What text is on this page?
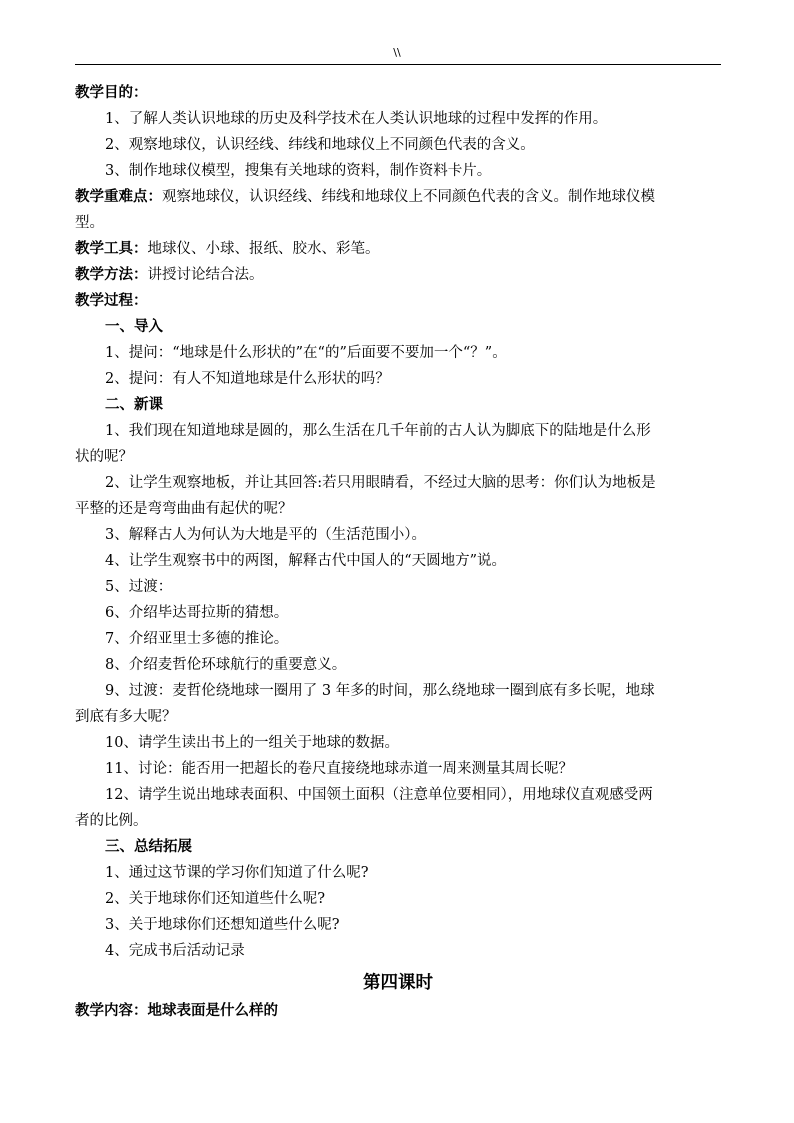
\\
教学目的：
1、了解人类认识地球的历史及科学技术在人类认识地球的过程中发挥的作用。
2、观察地球仪，认识经线、纬线和地球仪上不同颜色代表的含义。
3、制作地球仪模型，搜集有关地球的资料，制作资料卡片。
教学重难点：观察地球仪，认识经线、纬线和地球仪上不同颜色代表的含义。制作地球仪模
型。
教学工具：地球仪、小球、报纸、胶水、彩笔。
教学方法：讲授讨论结合法。
教学过程：
一、导入
1、提问：“地球是什么形状的”在“的”后面要不要加一个“？”。
2、提问：有人不知道地球是什么形状的吗？
二、新课
1、我们现在知道地球是圆的，那么生活在几千年前的古人认为脚底下的陆地是什么形
状的呢？
2、让学生观察地板，并让其回答:若只用眼睛看，不经过大脑的思考：你们认为地板是
平整的还是弯弯曲曲有起伏的呢？
3、解释古人为何认为大地是平的（生活范围小）。
4、让学生观察书中的两图，解释古代中国人的“天圆地方”说。
5、过渡：
6、介绍毕达哥拉斯的猜想。
7、介绍亚里士多德的推论。
8、介绍麦哲伦环球航行的重要意义。
9、过渡：麦哲伦绕地球一圈用了 3 年多的时间，那么绕地球一圈到底有多长呢，地球
到底有多大呢？
10、请学生读出书上的一组关于地球的数据。
11、讨论：能否用一把超长的卷尺直接绕地球赤道一周来测量其周长呢？
12、请学生说出地球表面积、中国领土面积（注意单位要相同），用地球仪直观感受两
者的比例。
三、总结拓展
1、通过这节课的学习你们知道了什么呢?
2、关于地球你们还知道些什么呢?
3、关于地球你们还想知道些什么呢?
4、完成书后活动记录
第四课时
教学内容：地球表面是什么样的
